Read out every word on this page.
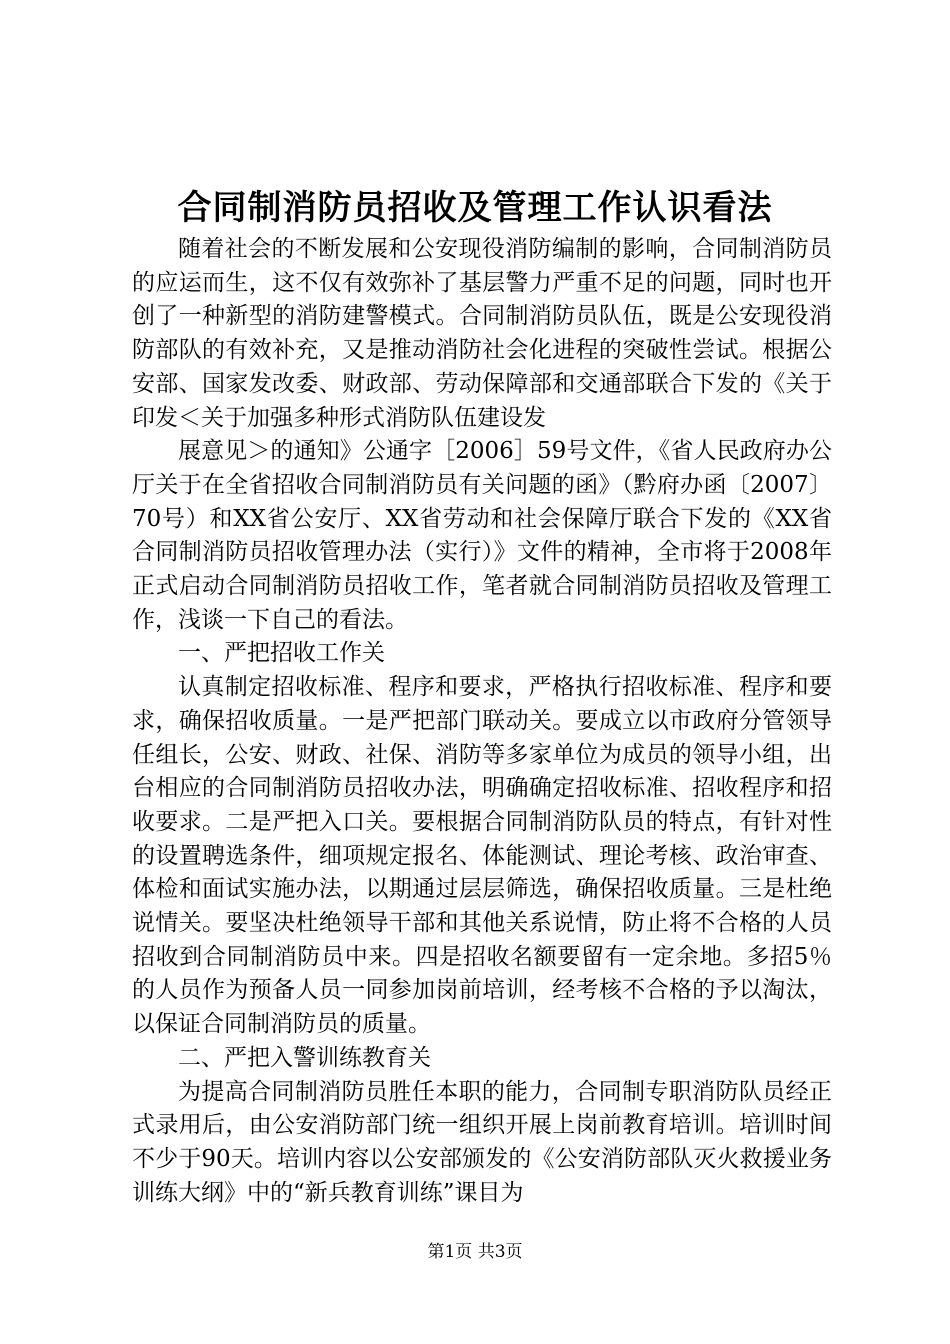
合同制消防员招收及管理工作认识看法

随着社会的不断发展和公安现役消防编制的影响，合同制消防员的应运而生，这不仅有效弥补了基层警力严重不足的问题，同时也开创了一种新型的消防建警模式。合同制消防员队伍，既是公安现役消防部队的有效补充，又是推动消防社会化进程的突破性尝试。根据公安部、国家发改委、财政部、劳动保障部和交通部联合下发的《关于印发＜关于加强多种形式消防队伍建设发

展意见＞的通知》公通字［2006］59号文件，《省人民政府办公厅关于在全省招收合同制消防员有关问题的函》（黔府办函〔2007〕70号）和XX省公安厅、XX省劳动和社会保障厅联合下发的《XX省合同制消防员招收管理办法（实行）》文件的精神，全市将于2008年正式启动合同制消防员招收工作，笔者就合同制消防员招收及管理工作，浅谈一下自己的看法。

一、严把招收工作关

认真制定招收标准、程序和要求，严格执行招收标准、程序和要求，确保招收质量。一是严把部门联动关。要成立以市政府分管领导任组长，公安、财政、社保、消防等多家单位为成员的领导小组，出台相应的合同制消防员招收办法，明确确定招收标准、招收程序和招收要求。二是严把入口关。要根据合同制消防队员的特点，有针对性的设置聘选条件，细项规定报名、体能测试、理论考核、政治审查、体检和面试实施办法，以期通过层层筛选，确保招收质量。三是杜绝说情关。要坚决杜绝领导干部和其他关系说情，防止将不合格的人员招收到合同制消防员中来。四是招收名额要留有一定余地。多招5％的人员作为预备人员一同参加岗前培训，经考核不合格的予以淘汰，以保证合同制消防员的质量。

二、严把入警训练教育关

为提高合同制消防员胜任本职的能力，合同制专职消防队员经正式录用后，由公安消防部门统一组织开展上岗前教育培训。培训时间不少于90天。培训内容以公安部颁发的《公安消防部队灭火救援业务训练大纲》中的“新兵教育训练”课目为

第1页 共3页
